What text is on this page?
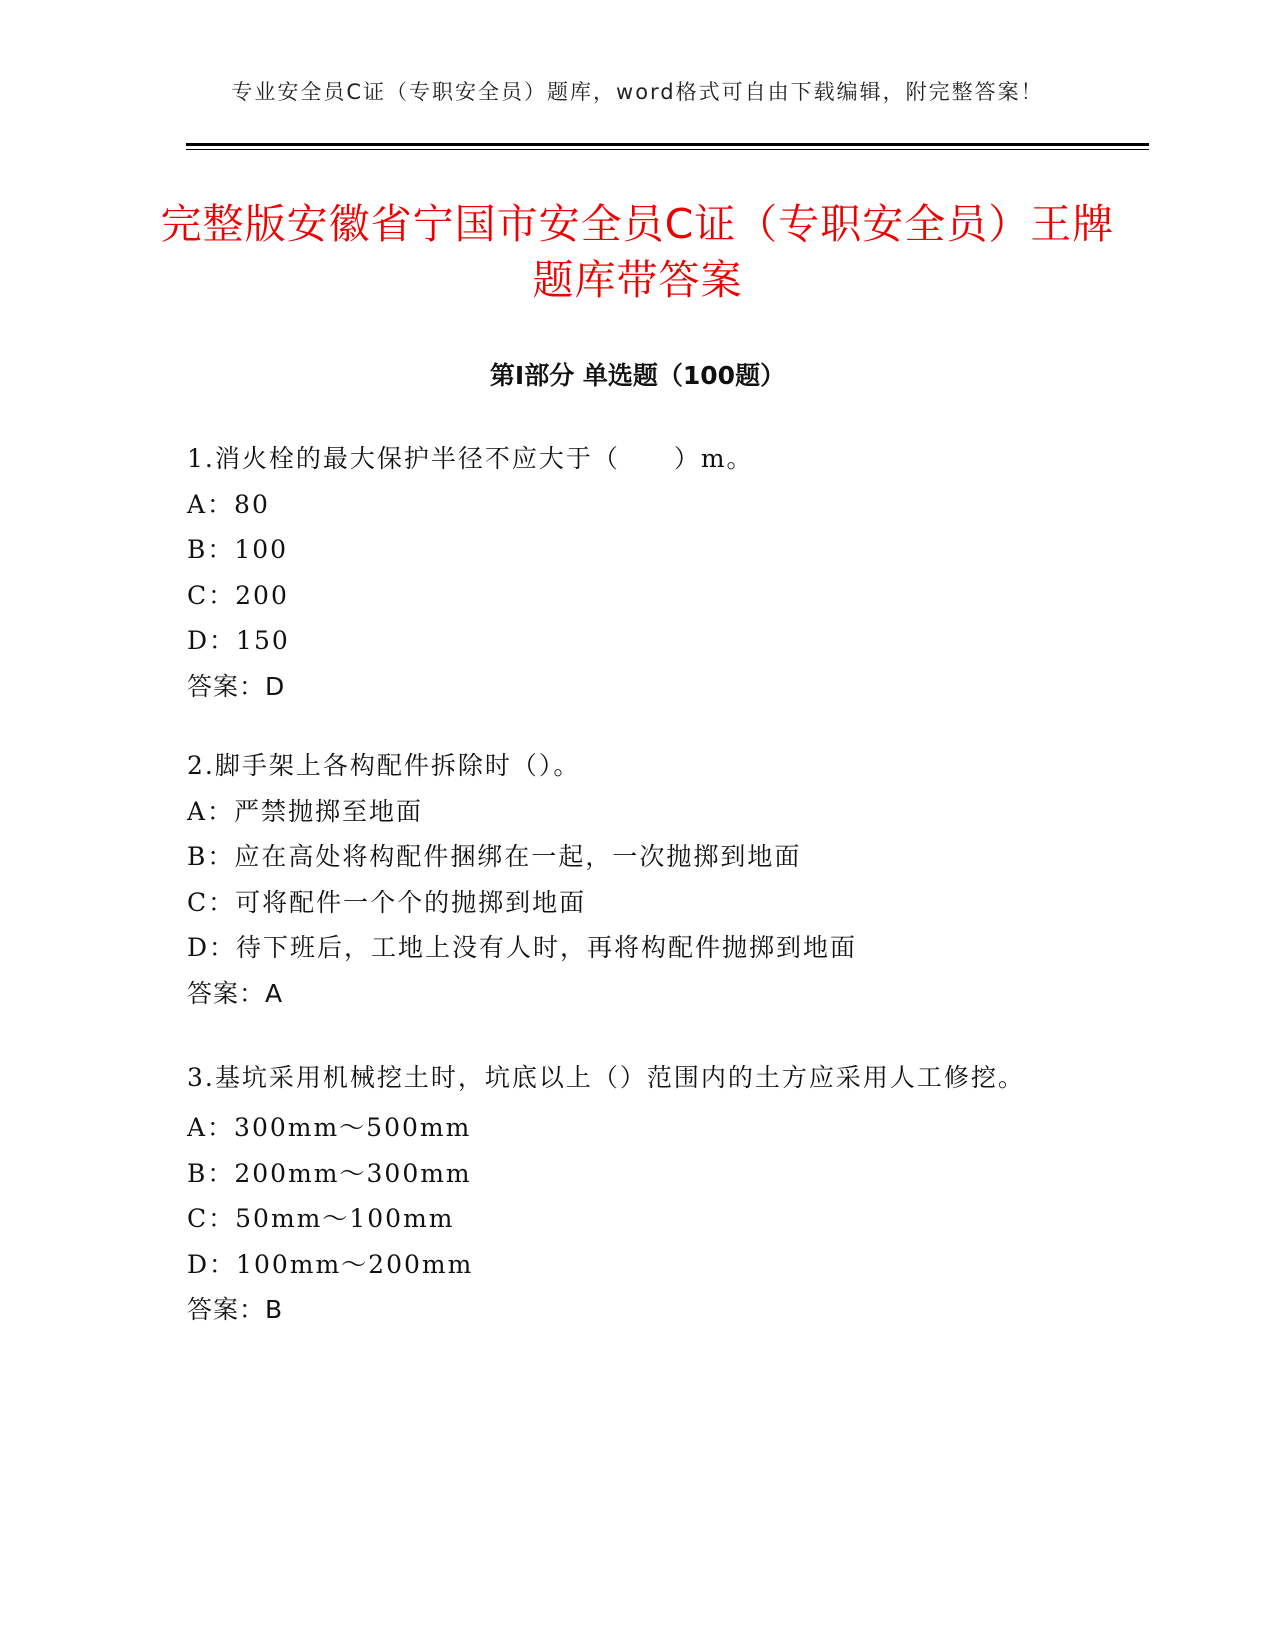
专业安全员C证（专职安全员）题库，word格式可自由下载编辑，附完整答案！
完整版安徽省宁国市安全员C证（专职安全员）王牌题库带答案
第Ⅰ部分 单选题（100题）
1.消火栓的最大保护半径不应大于（　　）m。
A：80
B：100
C：200
D：150
答案：D
2.脚手架上各构配件拆除时（）。
A：严禁抛掷至地面
B：应在高处将构配件捆绑在一起，一次抛掷到地面
C：可将配件一个个的抛掷到地面
D：待下班后，工地上没有人时，再将构配件抛掷到地面
答案：A
3.基坑采用机械挖土时，坑底以上（）范围内的土方应采用人工修挖。
A：300mm～500mm
B：200mm～300mm
C：50mm～100mm
D：100mm～200mm
答案：B
